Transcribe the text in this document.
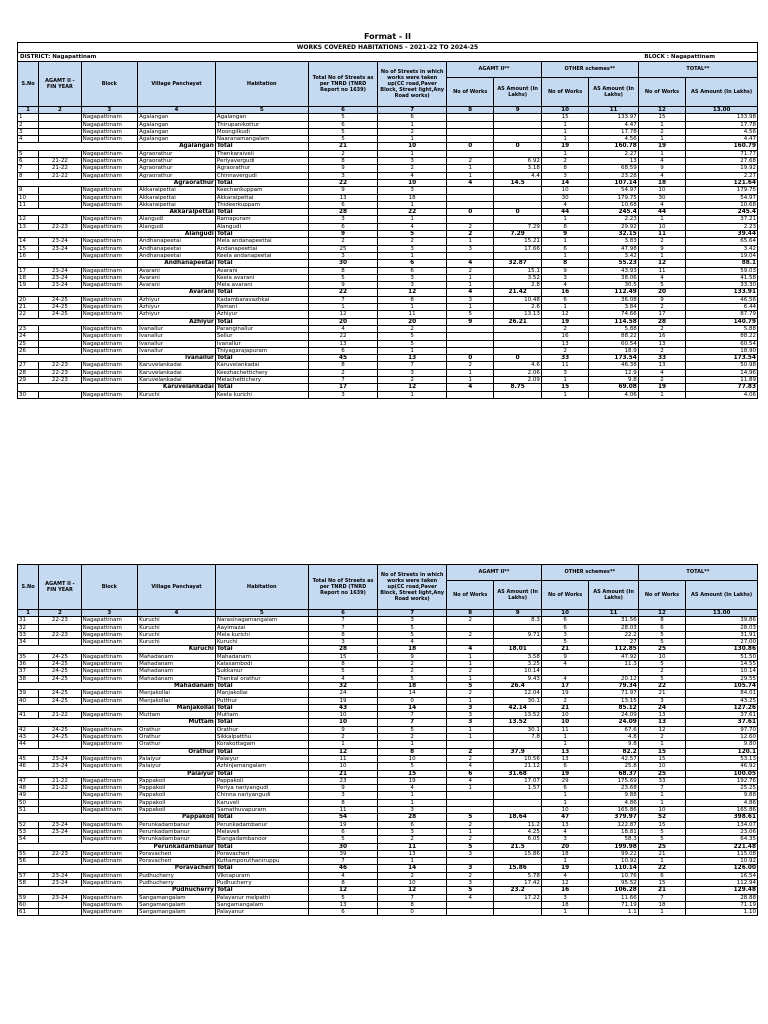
Format - II
WORKS COVERED HABITATIONS - 2021-22 TO 2024-25
DISTRICT: Nagapattinam	BLOCK : Nagapattinam
S.No	AGAMT II - FIN YEAR	Block	Village Panchayat	Habitation	Total No of Streets as per TNRD (TNRD Report no 1639)	No of Streets in which works were taken up(CC road,Paver Block, Street light,Any Road works)	AGAMT II**		OTHER schemes**		TOTAL**	
							No of Works	AS Amount (In Lakhs)	No of Works	AS Amount (In Lakhs)	No of Works	AS Amount (In Lakhs)
1	2	3	4	5	6	7	8	9	10	11	12	13.00
1		Nagapattinam	Agalangan	Agalangan	5	6			15	133.97	15	133.98
2		Nagapattinam	Agalangan	Thirupanikottur	6	1			1	4.47	1	17.78
3		Nagapattinam	Agalangan	Moongilkudi	5	2			1	17.78	2	4.56
4		Nagapattinam	Agalangan	Naaranamangalam	5	1			1	4.56	1	4.47
			Agalangan	Total	21	10	0	0	19	160.78	19	160.79
5		Nagapattinam	Agraorathur	Thenkaraiveli	2	1			1	2.27	1	71.77
6	21-22	Nagapattinam	Agraorathur	Periyavergudi	8	3	2	6.92	2	13	4	27.68
7	21-22	Nagapattinam	Agraorathur	Agraorathur	9	2	1	3.18	8	68.59	9	19.92
8	21-22	Nagapattinam	Agraorathur	Chinnavergudi	3	4	1	4.4	3	23.28	4	2.27
			Agraorathur	Total	22	10	4	14.5	14	107.14	18	121.64
9		Nagapattinam	Akkaraipettai	Keechankuppam	9	3			10	54.97	10	179.75
10		Nagapattinam	Akkaraipettai	Akkaraipettai	13	18			30	179.75	30	54.97
11		Nagapattinam	Akkaraipettai	Thideerkuppam	6	1			4	10.68	4	10.68
			Akkaraipettai	Total	28	22	0	0	44	245.4	44	245.4
12		Nagapattinam	Alangudi	Ramapuram	3	1			1	2.23	1	37.21
13	22-23	Nagapattinam	Alangudi	Alangudi	6	4	2	7.29	8	29.92	10	2.23
			Alangudi	Total	9	5	2	7.29	9	32.15	11	39.44
14	23-24	Nagapattinam	Andhanapeetai	Mela andanapeettai	2	2	1	15.21	1	3.83	2	65.64
15	23-24	Nagapattinam	Andhanapeetai	Andanapeettai	25	3	3	17.66	6	47.98	9	3.42
16		Nagapattinam	Andhanapeetai	Keela andanapeetai	3	1			1	3.42	1	19.04
			Andhanapeetai	Total	30	6	4	32.87	8	55.23	12	88.1
17	23-24	Nagapattinam	Avarani	Avarani	8	6	2	15.1	9	43.93	11	59.03
18	23-24	Nagapattinam	Avarani	Keela avarani	5	3	1	3.52	3	38.06	4	41.58
19	23-24	Nagapattinam	Avarani	Mela avarani	9	3	1	2.8	4	30.5	5	33.30
			Avarani	Total	22	12	4	21.42	16	112.49	20	133.91
20	24-25	Nagapattinam	Azhiyur	Kadambaravazhkai	7	8	3	10.48	6	36.08	9	46.56
21	24-25	Nagapattinam	Azhiyur	Pamani	1	1	1	2.6	1	3.84	2	6.44
22	24-25	Nagapattinam	Azhiyur	Azhiyur	12	11	5	13.13	12	74.66	17	87.79
			Azhiyur	Total	20	20	9	26.21	19	114.58	28	140.79
23		Nagapattinam	Ivanallur	Paranginallur	4	2			2	5.88	2	5.88
24		Nagapattinam	Ivanallur	Sellur	22	5			16	88.22	16	88.22
25		Nagapattinam	Ivanallur	Ivanallur	13	5			13	60.54	13	60.54
26		Nagapattinam	Ivanallur	Thiyagarajapuram	6	1			2	18.9	2	18.90
			Ivanallur	Total	45	13	0	0	33	173.54	33	173.54
27	22-23	Nagapattinam	Karuvelankadai	Karuvelankadai	8	7	2	4.6	11	46.38	13	50.98
28	22-23	Nagapattinam	Karuvelankadai	Keezhachettichery	2	3	1	2.06	3	12.9	4	14.96
29	22-23	Nagapattinam	Karuvelankadai	Melachettichery	7	2	1	2.09	1	9.8	2	11.89
			Karuvelankadai	Total	17	12	4	8.75	15	69.08	19	77.83
30		Nagapattinam	Kuruchi	Keela kurichi	3	1			1	4.06	1	4.06
S.No	AGAMT II - FIN YEAR	Block	Village Panchayat	Habitation	Total No of Streets as per TNRD (TNRD Report no 1639)	No of Streets in which works were taken up(CC road,Paver Block, Street light,Any Road works)	AGAMT II**		OTHER schemes**		TOTAL**	
							No of Works	AS Amount (In Lakhs)	No of Works	AS Amount (In Lakhs)	No of Works	AS Amount (In Lakhs)
1	2	3	4	5	6	7	8	9	10	11	12	13.00
31	22-23	Nagapattinam	Kuruchi	Narasinagamangalam	7	3	2	8.3	6	31.56	8	39.86
32		Nagapattinam	Kuruchi	Aayimazai	7	5			6	28.03	6	28.03
33	22-23	Nagapattinam	Kuruchi	Mela kurichi	8	5	2	9.71	3	22.2	5	31.91
34		Nagapattinam	Kuruchi	Kuruchi	3	4			5	27	5	27.00
			Kuruchi	Total	28	18	4	18.01	21	112.85	25	130.86
35	24-25	Nagapattinam	Mahadanam	Mahadanam	15	9	1	3.58	9	47.92	10	51.50
36	24-25	Nagapattinam	Mahadanam	Kalasambodi	8	2	1	3.25	4	11.3	5	14.55
37	24-25	Nagapattinam	Mahadanam	Sukkanur	5	2	2	10.14			2	10.14
38	24-25	Nagapattinam	Mahadanam	Thenkal orathur	4	5	1	9.43	4	20.12	5	29.55
			Mahadanam	Total	32	18	5	26.4	17	79.34	22	105.74
39	24-25	Nagapattinam	Manjakollai	Manjakollai	24	14	2	12.04	19	71.97	21	84.01
40	24-25	Nagapattinam	Manjakollai	Putthur	19	0	1	30.1	2	13.15	3	43.25
			Manjakollai	Total	43	14	3	42.14	21	85.12	24	127.26
41	21-22	Nagapattinam	Muttam	Muttam	10	7	3	13.52	10	24.09	13	37.61
			Muttam	Total	10	7	3	13.52	10	24.09	13	37.61
42	24-25	Nagapattinam	Orathur	Orathur	9	5	1	30.1	11	67.6	12	97.70
43	24-25	Nagapattinam	Orathur	Sikkalpatthu	2	2	1	7.8	1	4.8	2	12.60
44		Nagapattinam	Orathur	Korakottagam	1	1			1	9.8	1	9.80
			Orathur	Total	12	8	2	37.9	13	82.2	15	120.1
45	23-24	Nagapattinam	Palaiyur	Palaiyur	11	10	2	10.56	13	42.57	15	53.13
46	23-24	Nagapattinam	Palaiyur	Azhinjamangalam	10	5	4	21.12	6	25.8	10	46.92
			Palaiyur	Total	21	15	6	31.68	19	68.37	25	100.05
47	21-22	Nagapattinam	Pappakoil	Pappakoil	23	19	4	17.07	29	175.69	33	192.76
48	21-22	Nagapattinam	Pappakoil	Periya nariyangudi	9	4	1	1.57	6	23.68	7	25.25
49		Nagapattinam	Pappakoil	Chinna nariyangudi	3	1			1	9.88	1	9.88
50		Nagapattinam	Pappakoil	Karuveli	8	1			1	4.86	1	4.86
51		Nagapattinam	Pappakoil	Samathuvapuram	11	3			10	165.86	10	165.86
			Pappakoil	Total	54	28	5	18.64	47	379.97	52	398.61
52	23-24	Nagapattinam	Perunkadambanur	Perunkadambanur	19	6	2	11.2	13	122.87	15	134.07
53	23-24	Nagapattinam	Perunkadambanur	Melaveli	6	3	1	4.25	4	18.81	5	23.06
54		Nagapattinam	Perunkadambanur	Elangadambanoor	5	2	2	6.05	3	58.3	5	64.35
			Perunkadambanur	Total	30	11	5	21.5	20	199.98	25	221.48
55	22-23	Nagapattinam	Poravacheri	Poravacheri	39	13	3	15.86	18	99.22	21	115.08
56		Nagapattinam	Poravacheri	Kuttamporuthaniruppu	7	1			1	10.92	1	10.92
			Poravacheri	Total	46	14	3	15.86	19	110.14	22	126.00
57	23-24	Nagapattinam	Pudhucherry	Viknapuram	4	2	2	5.78	4	10.76	6	16.54
58	23-24	Nagapattinam	Pudhucherry	Pudhucherry	8	10	3	17.42	12	95.52	15	112.94
			Pudhucherry	Total	12	12	5	23.2	16	106.28	21	129.48
59	23-24	Nagapattinam	Sangamangalam	Palayanur melpathi	5	7	4	17.22	3	11.66	7	28.88
60		Nagapattinam	Sangamangalam	Sangamangalam	13	8			18	71.19	18	71.19
61		Nagapattinam	Sangamangalam	Palayanur	6	0			1	1.1	1	1.10
